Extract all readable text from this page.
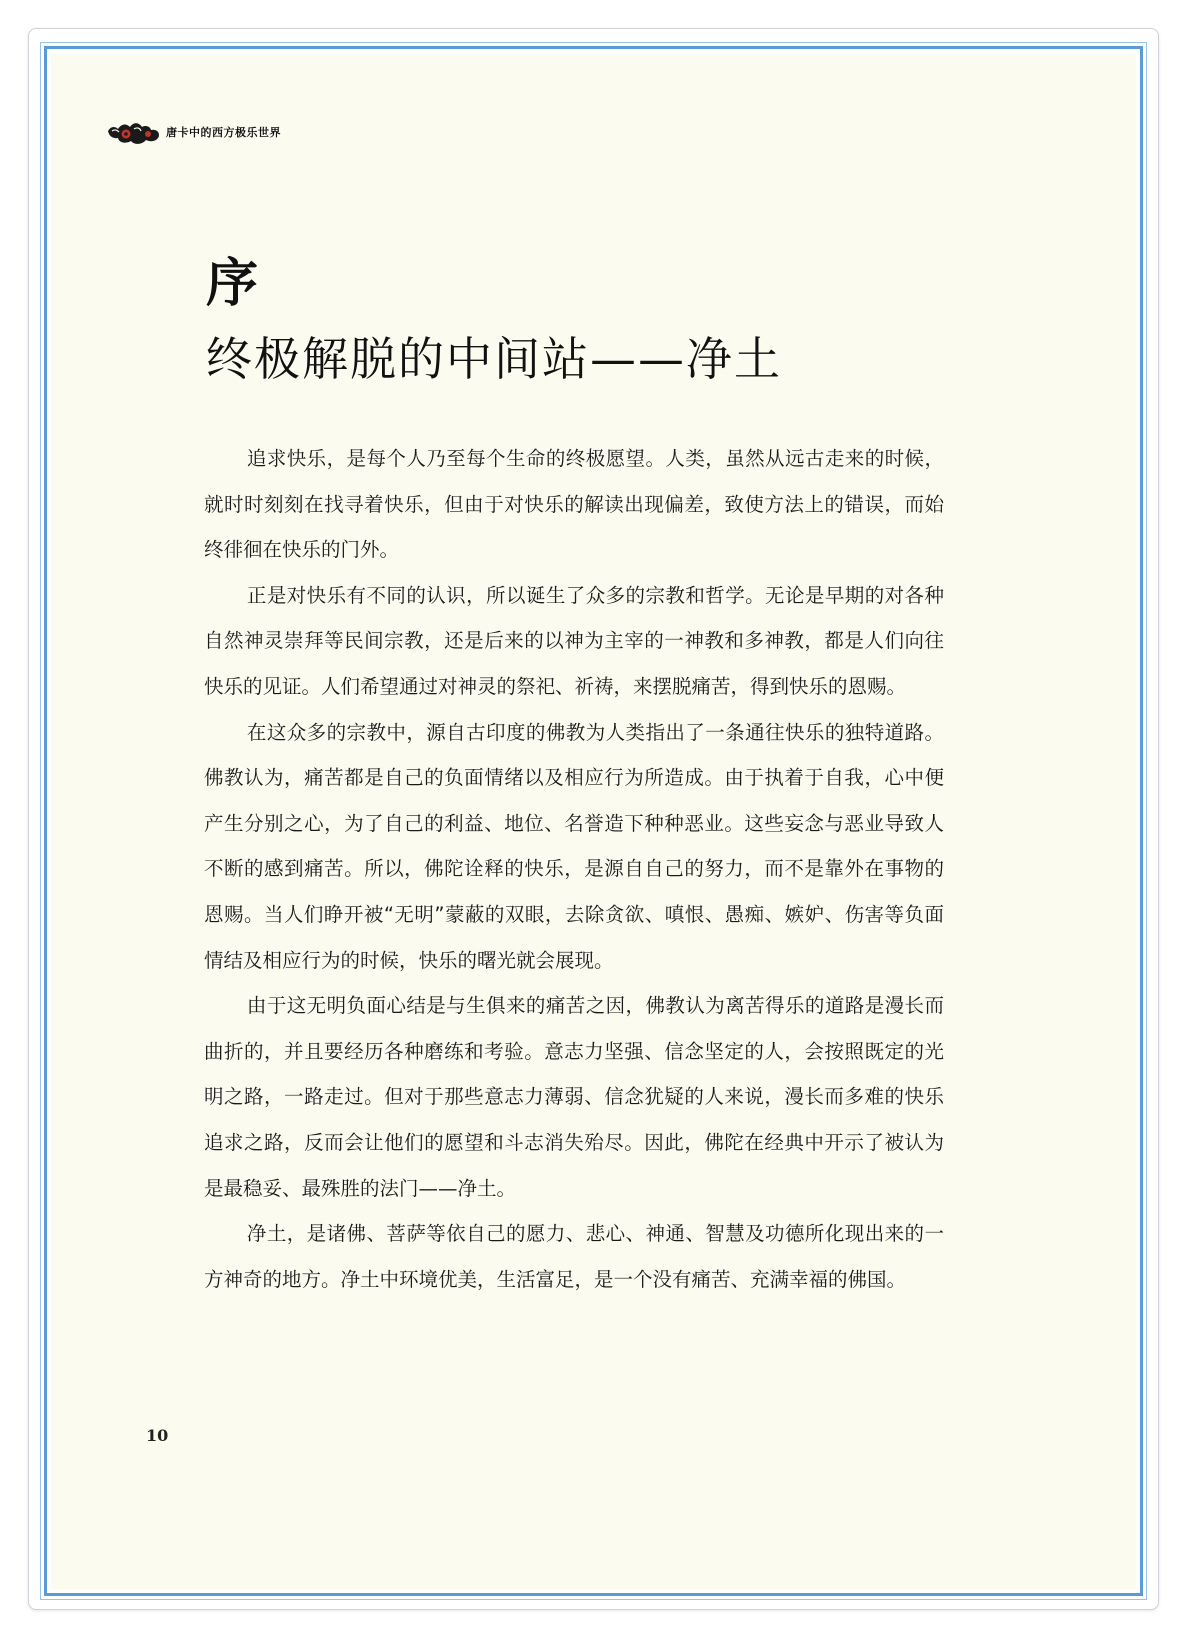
唐卡中的西方极乐世界
序
终极解脱的中间站——净土

追求快乐，是每个人乃至每个生命的终极愿望。人类，虽然从远古走来的时候，就时时刻刻在找寻着快乐，但由于对快乐的解读出现偏差，致使方法上的错误，而始终徘徊在快乐的门外。

正是对快乐有不同的认识，所以诞生了众多的宗教和哲学。无论是早期的对各种自然神灵崇拜等民间宗教，还是后来的以神为主宰的一神教和多神教，都是人们向往快乐的见证。人们希望通过对神灵的祭祀、祈祷，来摆脱痛苦，得到快乐的恩赐。

在这众多的宗教中，源自古印度的佛教为人类指出了一条通往快乐的独特道路。佛教认为，痛苦都是自己的负面情绪以及相应行为所造成。由于执着于自我，心中便产生分别之心，为了自己的利益、地位、名誉造下种种恶业。这些妄念与恶业导致人不断的感到痛苦。所以，佛陀诠释的快乐，是源自自己的努力，而不是靠外在事物的恩赐。当人们睁开被“无明”蒙蔽的双眼，去除贪欲、嗔恨、愚痴、嫉妒、伤害等负面情结及相应行为的时候，快乐的曙光就会展现。

由于这无明负面心结是与生俱来的痛苦之因，佛教认为离苦得乐的道路是漫长而曲折的，并且要经历各种磨练和考验。意志力坚强、信念坚定的人，会按照既定的光明之路，一路走过。但对于那些意志力薄弱、信念犹疑的人来说，漫长而多难的快乐追求之路，反而会让他们的愿望和斗志消失殆尽。因此，佛陀在经典中开示了被认为是最稳妥、最殊胜的法门——净土。

净土，是诸佛、菩萨等依自己的愿力、悲心、神通、智慧及功德所化现出来的一方神奇的地方。净土中环境优美，生活富足，是一个没有痛苦、充满幸福的佛国。

10
